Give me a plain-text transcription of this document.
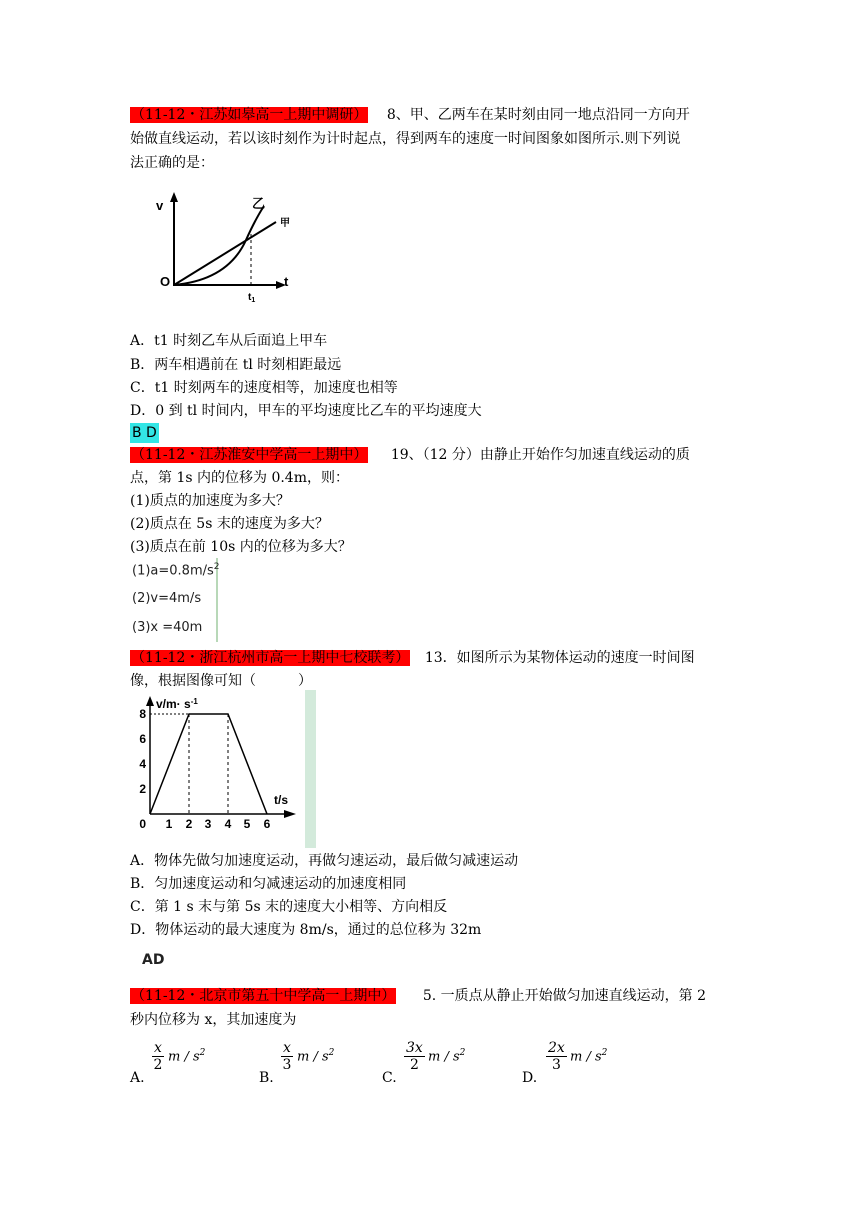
（11-12・江苏如皋高一上期中调研） 8、甲、乙两车在某时刻由同一地点沿同一方向开
始做直线运动，若以该时刻作为计时起点，得到两车的速度一时间图象如图所示.则下列说
法正确的是：
v
O	t
$t_1$
乙
甲
A．t1 时刻乙车从后面追上甲车
B．两车相遇前在 tl 时刻相距最远
C．t1 时刻两车的速度相等，加速度也相等
D．0 到 tl 时间内，甲车的平均速度比乙车的平均速度大
B D
（11-12・江苏淮安中学高一上期中） 19、（12 分）由静止开始作匀加速直线运动的质
点，第 1s 内的位移为 0.4m，则：
(1)质点的加速度为多大？
(2)质点在 5s 末的速度为多大？
(3)质点在前 10s 内的位移为多大？
$(1)a=0.8m/s^2$
(2)v=4m/s
(3)x =40m
（11-12・浙江杭州市高一上期中七校联考） 13．如图所示为某物体运动的速度一时间图
像，根据图像可知（　　　）
8
6
4
2
0 1 2 3 4 5 6
$v/m\cdot s^{-1}$
t/s
A．物体先做匀加速度运动，再做匀速运动，最后做匀减速运动
B．匀加速度运动和匀减速运动的加速度相同
C．第 1 s 末与第 5s 末的速度大小相等、方向相反
D．物体运动的最大速度为 8m/s，通过的总位移为 32m
AD
（11-12・北京市第五十中学高一上期中） 5. 一质点从静止开始做匀加速直线运动，第 2
秒内位移为 x，其加速度为
A.
$\frac{x}{2}$ m / $s^2$
B.
$\frac{x}{3}$ m / $s^2$
C.
$\frac{3x}{2}$ m / $s^2$
D.
$\frac{2x}{3}$ m / $s^2$
